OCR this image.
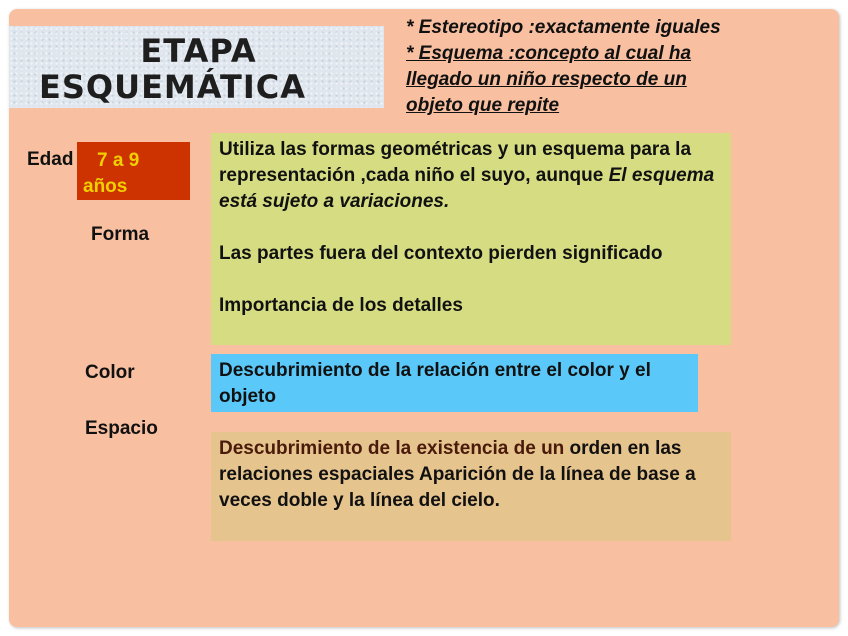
ETAPA
ESQUEMÁTICA
* Estereotipo :exactamente iguales
* Esquema :concepto al cual ha
llegado un niño respecto de un
objeto que repite
Edad	7 a 9
años
Forma
Color
Espacio

Utiliza las formas geométricas y un esquema para la representación ,cada niño el suyo, aunque El esquema está sujeto a variaciones.

Las partes fuera del contexto pierden significado

Importancia de los detalles

Descubrimiento de la relación entre el color y el objeto

Descubrimiento de la existencia de un orden en las relaciones espaciales Aparición de la línea de base a veces doble y la línea del cielo.
